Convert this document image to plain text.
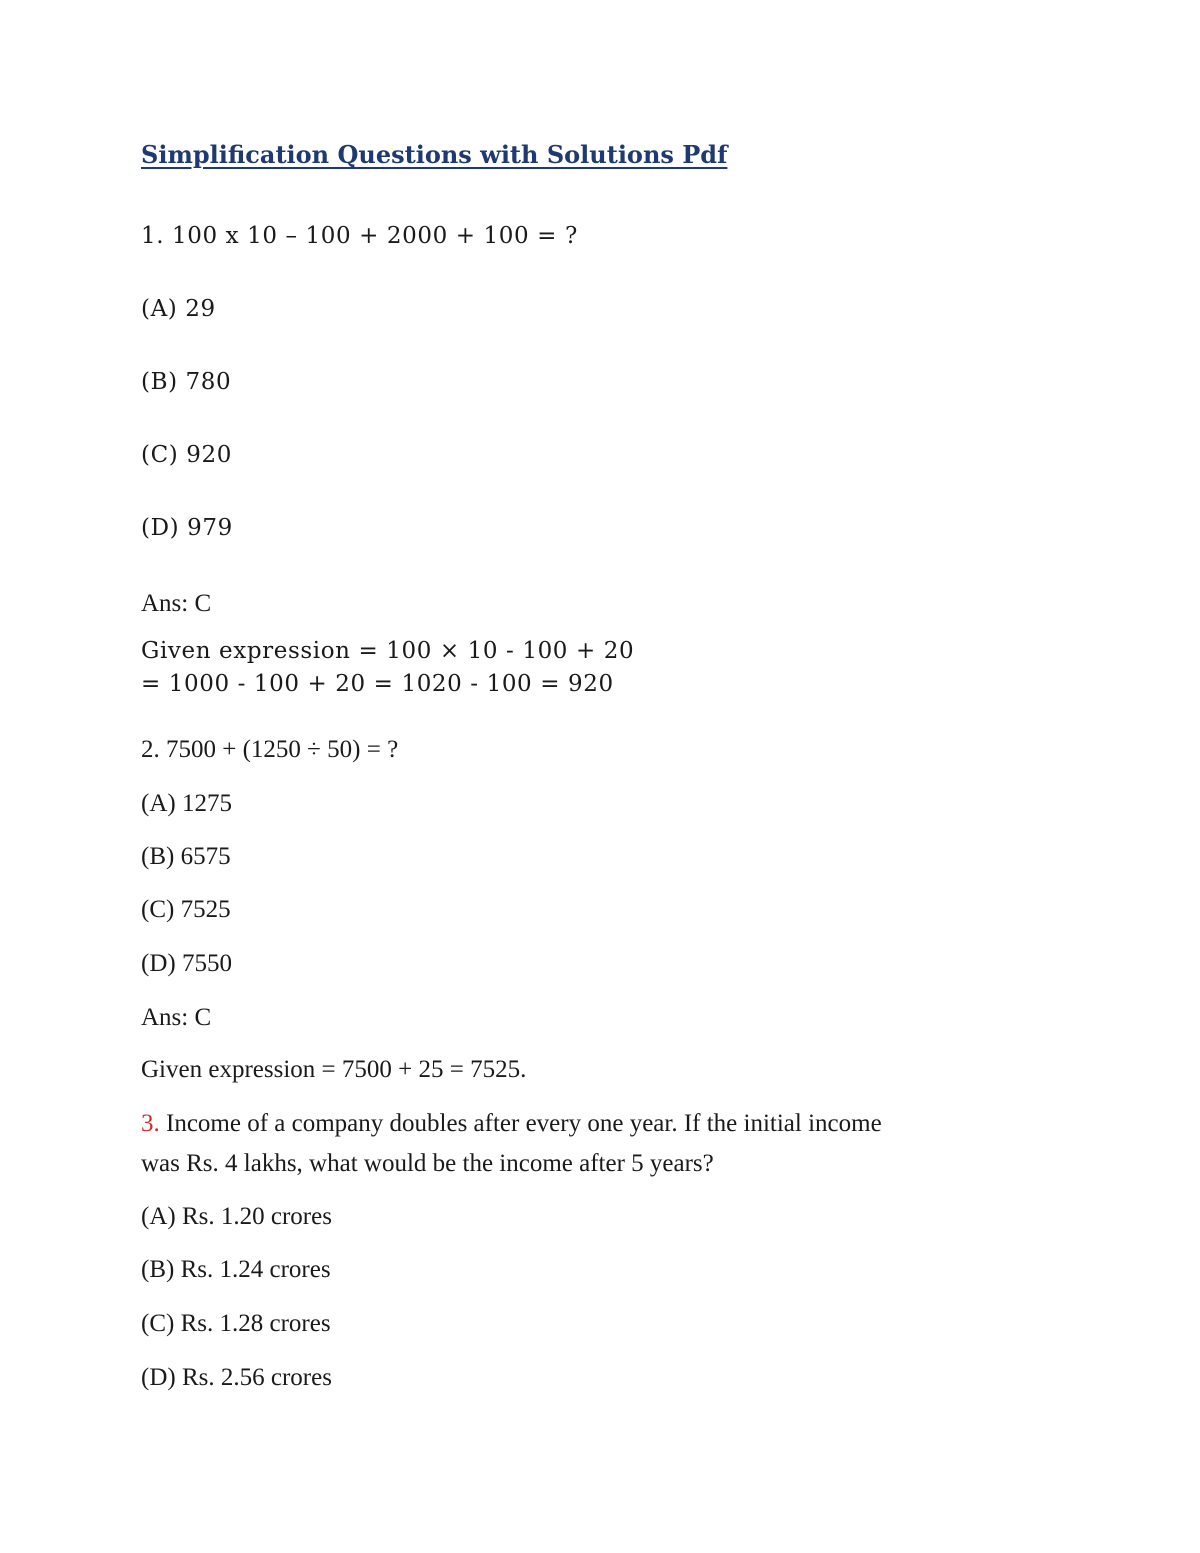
Simplification Questions with Solutions Pdf

1. 100 x 10 – 100 + 2000 + 100 = ?

(A) 29

(B) 780

(C) 920

(D) 979

Ans: C

Given expression = 100 × 10 - 100 + 20

= 1000 - 100 + 20 = 1020 - 100 = 920

2. 7500 + (1250 ÷ 50) = ?

(A) 1275

(B) 6575

(C) 7525

(D) 7550

Ans: C

Given expression = 7500 + 25 = 7525.

3. Income of a company doubles after every one year. If the initial income

was Rs. 4 lakhs, what would be the income after 5 years?

(A) Rs. 1.20 crores

(B) Rs. 1.24 crores

(C) Rs. 1.28 crores

(D) Rs. 2.56 crores
